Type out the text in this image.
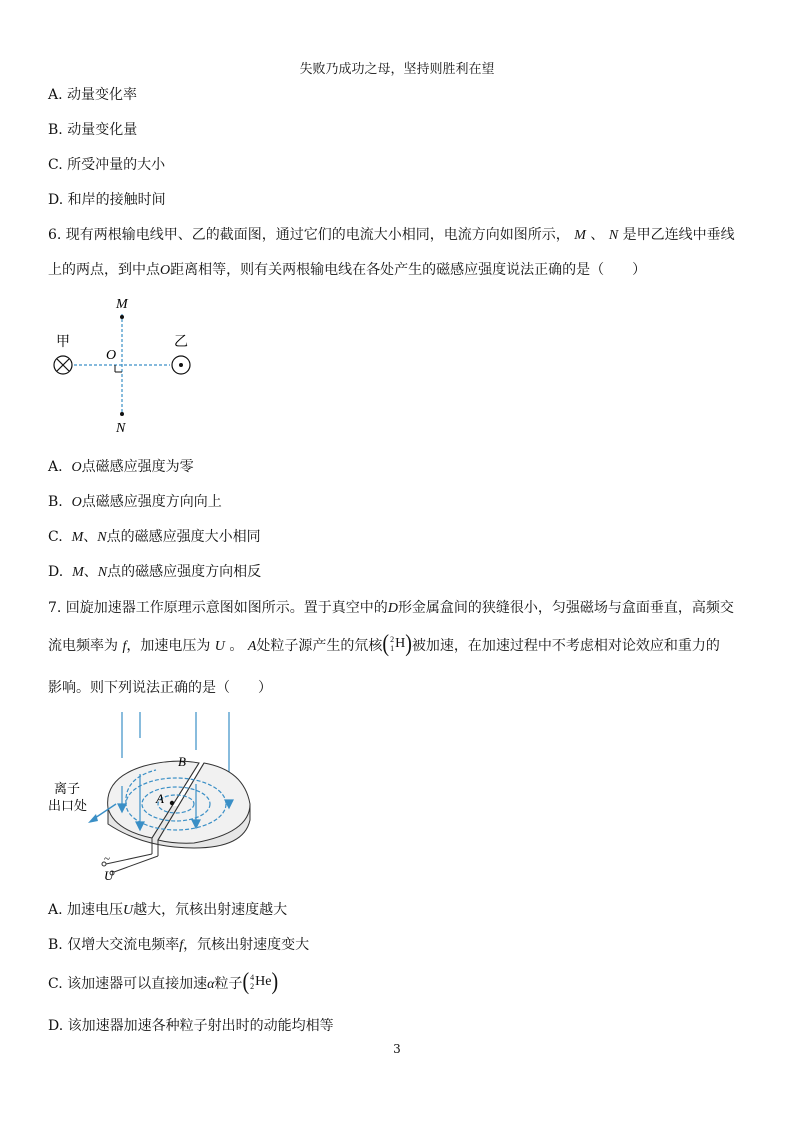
失败乃成功之母，坚持则胜利在望
A. 动量变化率
B. 动量变化量
C. 所受冲量的大小
D. 和岸的接触时间
6. 现有两根输电线甲、乙的截面图，通过它们的电流大小相同，电流方向如图所示， M 、 N 是甲乙连线中垂线
上的两点，到中点O距离相等，则有关两根输电线在各处产生的磁感应强度说法正确的是（　　）
M
N
O
甲	乙
A. O点磁感应强度为零
B. O点磁感应强度方向向上
C. M、N点的磁感应强度大小相同
D. M、N点的磁感应强度方向相反
7. 回旋加速器工作原理示意图如图所示。置于真空中的D形金属盒间的狭缝很小，匀强磁场与盒面垂直，高频交
流电频率为 f，加速电压为 U 。 A处粒子源产生的氘核 ( 2
1 H ) 被加速，在加速过程中不考虑相对论效应和重力的
影响。则下列说法正确的是（　　）
A
B
离子
出口处
~
U
A. 加速电压U越大，氘核出射速度越大
B. 仅增大交流电频率f，氘核出射速度变大
C. 该加速器可以直接加速α粒子 ( 4
2 He )
D. 该加速器加速各种粒子射出时的动能均相等
3
